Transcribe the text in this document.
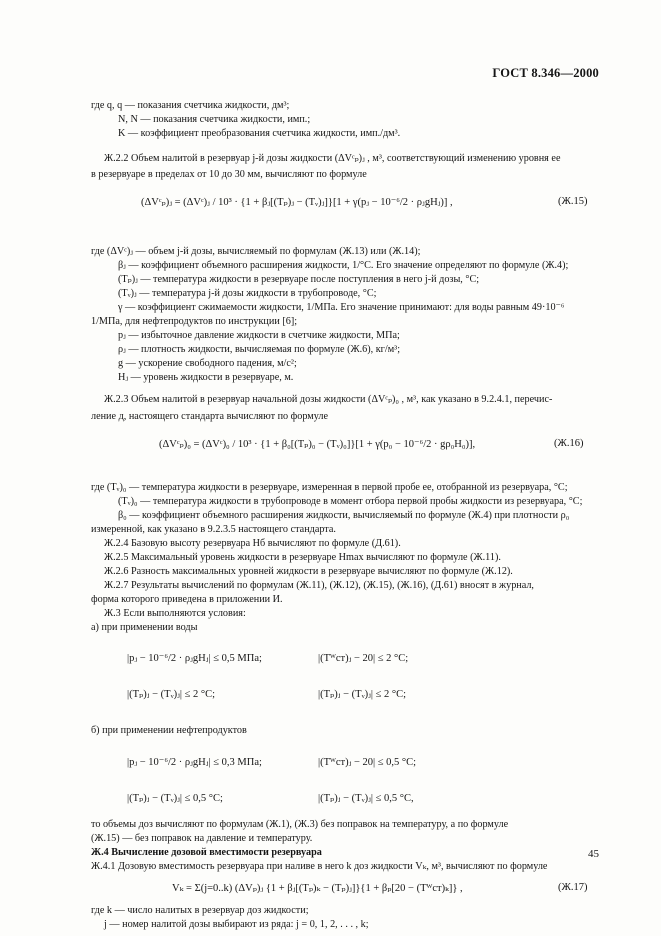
ГОСТ 8.346—2000
где q, q — показания счетчика жидкости, дм³;
N, N — показания счетчика жидкости, имп.;
K — коэффициент преобразования счетчика жидкости, имп./дм³.
Ж.2.2 Объем налитой в резервуар j-й дозы жидкости (ΔVᶜₚ)ⱼ , м³, соответствующий изменению уровня ее
в резервуаре в пределах от 10 до 30 мм, вычисляют по формуле
(ΔVᶜₚ)ⱼ = (ΔVᶜ)ⱼ / 10³ · {1 + βⱼ[(Tₚ)ⱼ − (Tᵥ)ⱼ]}[1 + γ(pⱼ − 10⁻⁶/2 · ρⱼgHⱼ)] ,	(Ж.15)
где (ΔVᶜ)ⱼ — объем j-й дозы, вычисляемый по формулам (Ж.13) или (Ж.14);
βⱼ — коэффициент объемного расширения жидкости, 1/°С. Его значение определяют по формуле (Ж.4);
(Tₚ)ⱼ — температура жидкости в резервуаре после поступления в него j-й дозы, °С;
(Tᵥ)ⱼ — температура j-й дозы жидкости в трубопроводе, °С;
γ — коэффициент сжимаемости жидкости, 1/МПа. Его значение принимают: для воды равным 49·10⁻⁶
1/МПа, для нефтепродуктов по инструкции [6];
pⱼ — избыточное давление жидкости в счетчике жидкости, МПа;
ρⱼ — плотность жидкости, вычисляемая по формуле (Ж.6), кг/м³;
g — ускорение свободного падения, м/с²;
Hⱼ — уровень жидкости в резервуаре, м.
Ж.2.3 Объем налитой в резервуар начальной дозы жидкости (ΔVᶜₚ)₀ , м³, как указано в 9.2.4.1, перечис-
ление д, настоящего стандарта вычисляют по формуле
(ΔVᶜₚ)₀ = (ΔVᶜ)₀ / 10³ · {1 + β₀[(Tₚ)₀ − (Tᵥ)₀]}[1 + γ(p₀ − 10⁻⁶/2 · gρ₀H₀)],	(Ж.16)
где (Tᵥ)₀ — температура жидкости в резервуаре, измеренная в первой пробе ее, отобранной из резервуара, °С;
(Tᵥ)₀ — температура жидкости в трубопроводе в момент отбора первой пробы жидкости из резервуара, °С;
β₀ — коэффициент объемного расширения жидкости, вычисляемый по формуле (Ж.4) при плотности ρ₀
измеренной, как указано в 9.2.3.5 настоящего стандарта.
Ж.2.4 Базовую высоту резервуара Hб вычисляют по формуле (Д.61).
Ж.2.5 Максимальный уровень жидкости в резервуаре Hmax вычисляют по формуле (Ж.11).
Ж.2.6 Разность максимальных уровней жидкости в резервуаре вычисляют по формуле (Ж.12).
Ж.2.7 Результаты вычислений по формулам (Ж.11), (Ж.12), (Ж.15), (Ж.16), (Д.61) вносят в журнал,
формa которого приведена в приложении И.
Ж.3 Если выполняются условия:
а) при применении воды
|pⱼ − 10⁻⁶/2 · ρⱼgHⱼ| ≤ 0,5 МПа;	|(Tᵂст)ⱼ − 20| ≤ 2 °С;
|(Tₚ)ⱼ − (Tᵥ)ⱼ| ≤ 2 °С;	|(Tₚ)ⱼ − (Tᵥ)ⱼ| ≤ 2 °С;
б) при применении нефтепродуктов
|pⱼ − 10⁻⁶/2 · ρⱼgHⱼ| ≤ 0,3 МПа;	|(Tᵂст)ⱼ − 20| ≤ 0,5 °С;
|(Tₚ)ⱼ − (Tᵥ)ⱼ| ≤ 0,5 °С;	|(Tₚ)ⱼ − (Tᵥ)ⱼ| ≤ 0,5 °С,
то объемы доз вычисляют по формулам (Ж.1), (Ж.3) без поправок на температуру, а по формуле
(Ж.15) — без поправок на давление и температуру.
Ж.4 Вычисление дозовой вместимости резервуара
Ж.4.1 Дозовую вместимость резервуара при наливе в него k доз жидкости Vₖ, м³, вычисляют по формуле
Vₖ = Σ(j=0..k) (ΔVₚ)ⱼ {1 + βⱼ[(Tₚ)ₖ − (Tₚ)ⱼ]}{1 + βₚ[20 − (Tᵂст)ₖ]} ,	(Ж.17)
где k — число налитых в резервуар доз жидкости;
j — номер налитой дозы выбирают из ряда: j = 0, 1, 2, . . . , k;
45
